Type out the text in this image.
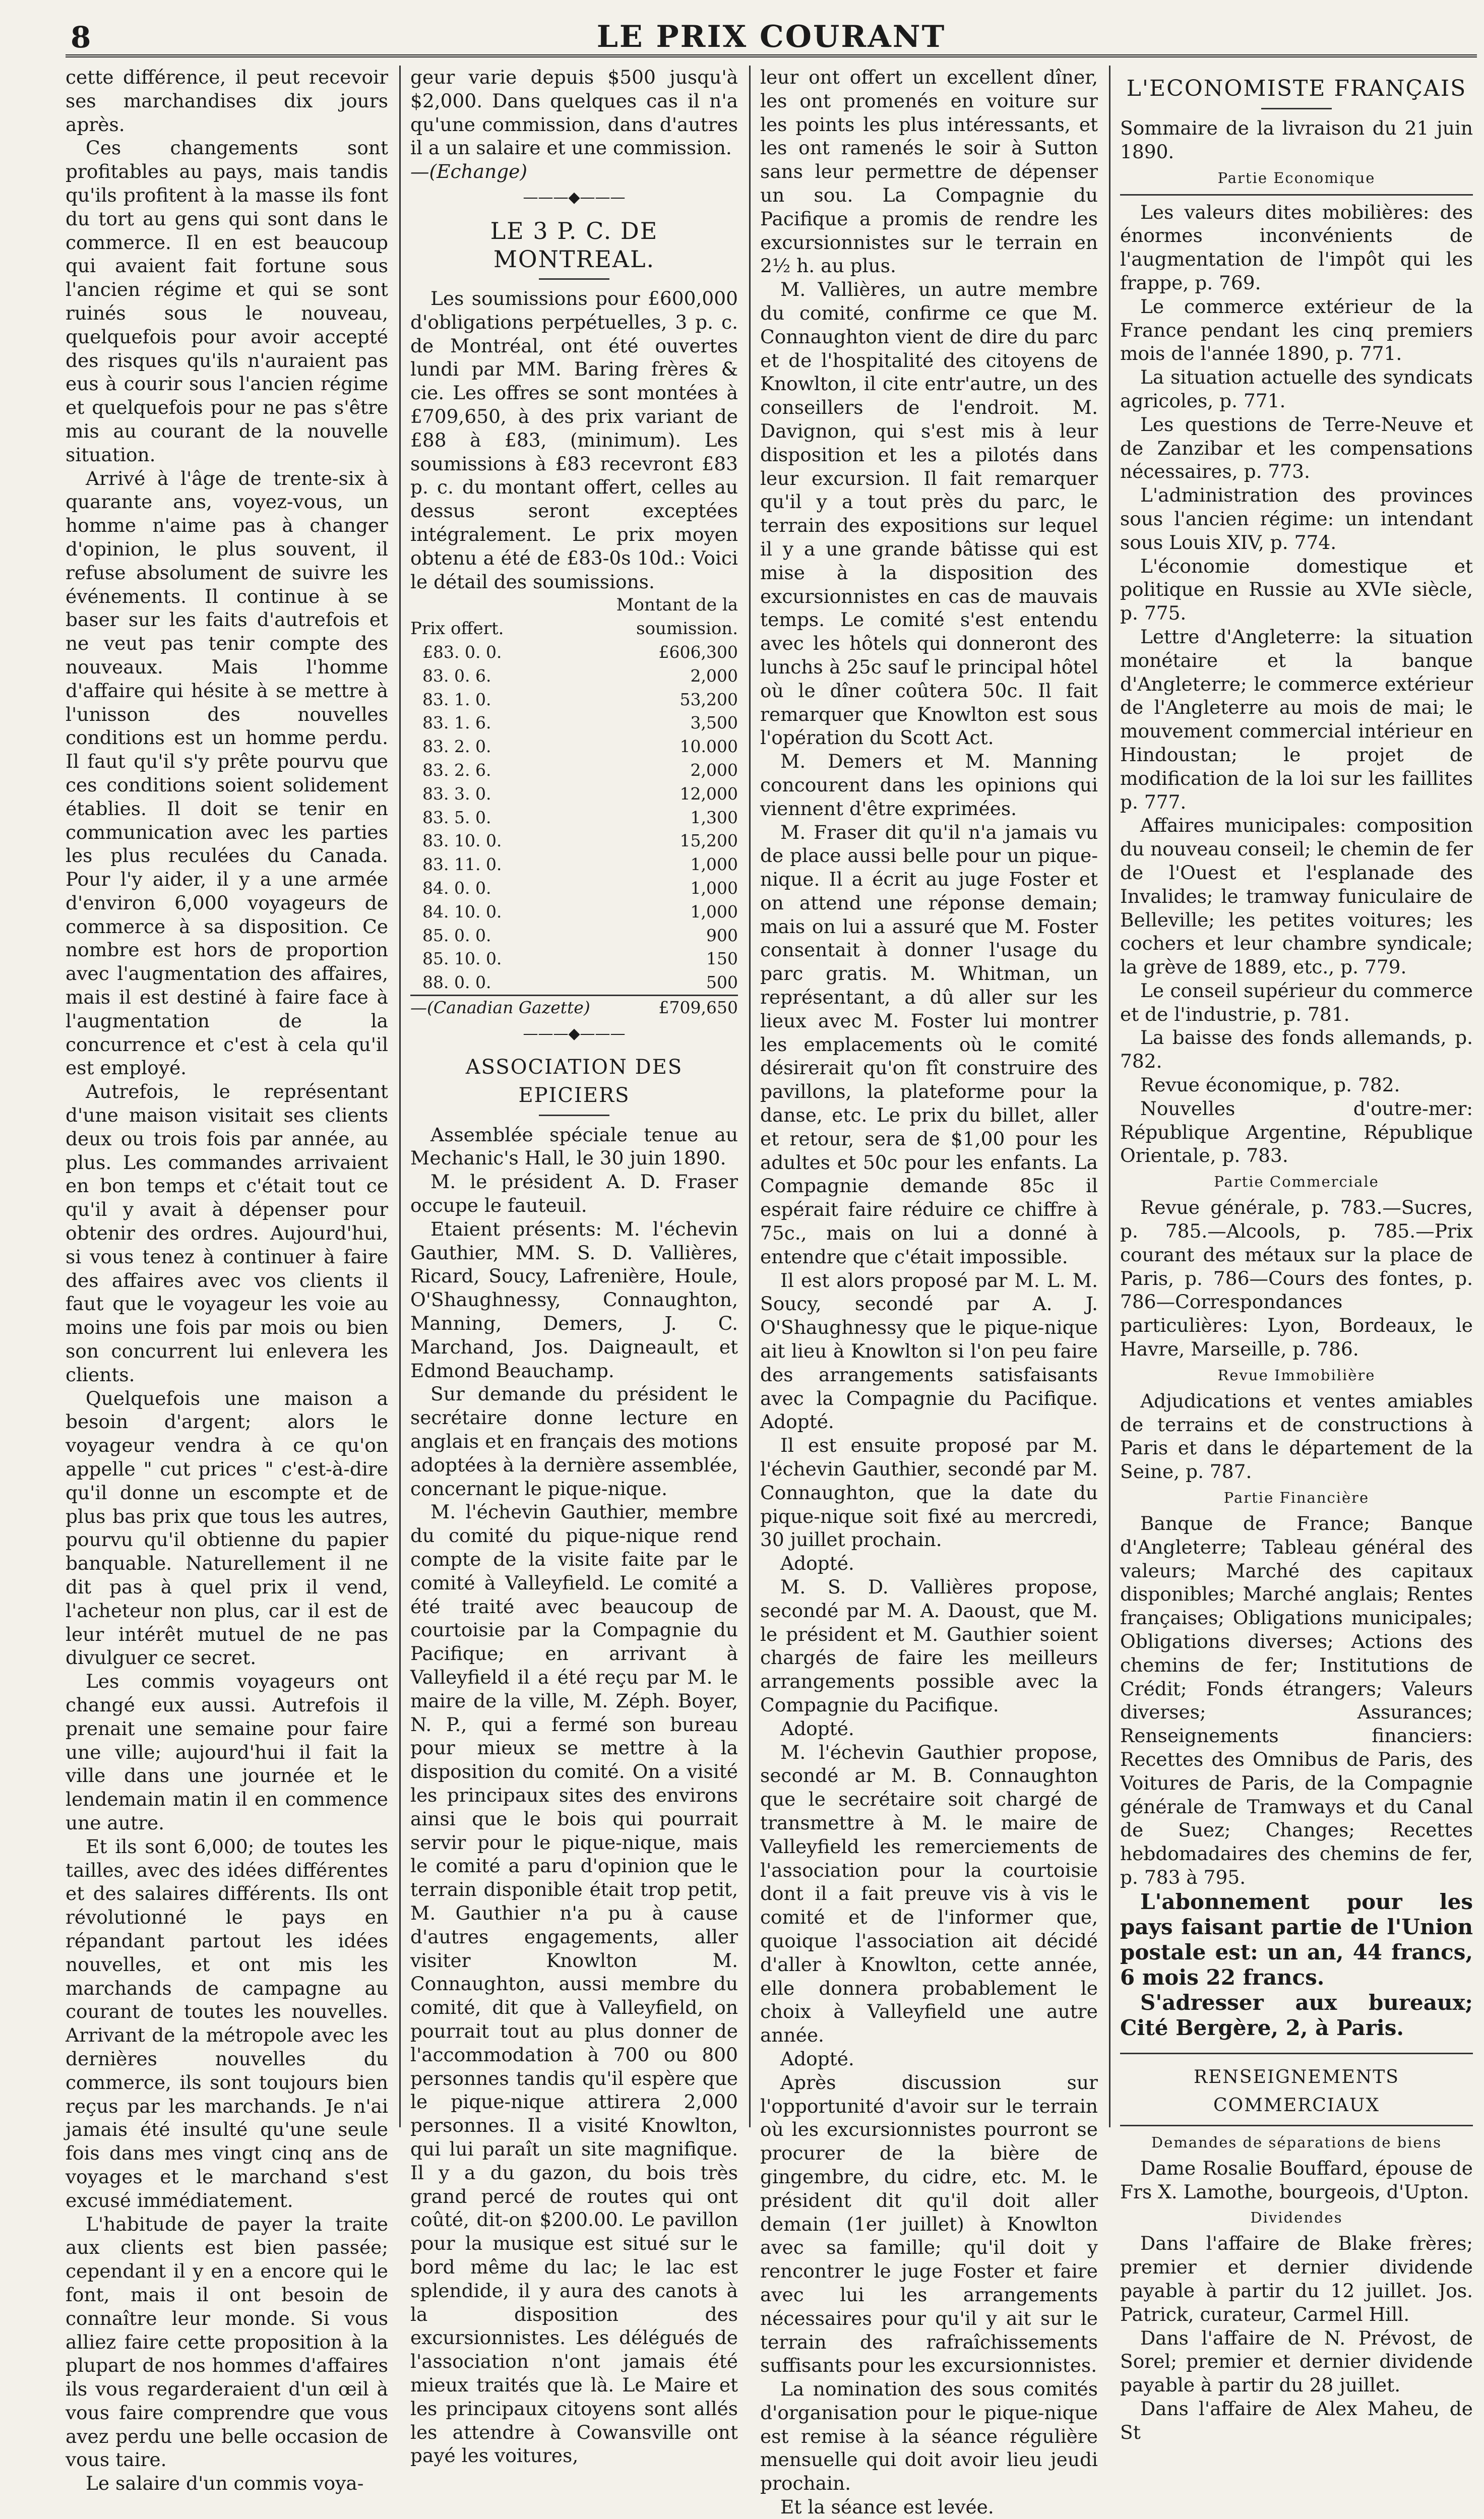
8	LE PRIX COURANT

cette différence, il peut recevoir ses marchandises dix jours après.

Ces changements sont profitables au pays, mais tandis qu'ils profitent à la masse ils font du tort au gens qui sont dans le commerce. Il en est beaucoup qui avaient fait fortune sous l'ancien régime et qui se sont ruinés sous le nouveau, quelquefois pour avoir accepté des risques qu'ils n'auraient pas eus à courir sous l'ancien régime et quelquefois pour ne pas s'être mis au courant de la nouvelle situation.

Arrivé à l'âge de trente-six à quarante ans, voyez-vous, un homme n'aime pas à changer d'opinion, le plus souvent, il refuse absolument de suivre les événements. Il continue à se baser sur les faits d'autrefois et ne veut pas tenir compte des nouveaux. Mais l'homme d'affaire qui hésite à se mettre à l'unisson des nouvelles conditions est un homme perdu. Il faut qu'il s'y prête pourvu que ces conditions soient solidement établies. Il doit se tenir en communication avec les parties les plus reculées du Canada. Pour l'y aider, il y a une armée d'environ 6,000 voyageurs de commerce à sa disposition. Ce nombre est hors de proportion avec l'augmentation des affaires, mais il est destiné à faire face à l'augmentation de la concurrence et c'est à cela qu'il est employé.

Autrefois, le représentant d'une maison visitait ses clients deux ou trois fois par année, au plus. Les commandes arrivaient en bon temps et c'était tout ce qu'il y avait à dépenser pour obtenir des ordres. Aujourd'hui, si vous tenez à continuer à faire des affaires avec vos clients il faut que le voyageur les voie au moins une fois par mois ou bien son concurrent lui enlevera les clients.

Quelquefois une maison a besoin d'argent; alors le voyageur vendra à ce qu'on appelle " cut prices " c'est-à-dire qu'il donne un escompte et de plus bas prix que tous les autres, pourvu qu'il obtienne du papier banquable. Naturellement il ne dit pas à quel prix il vend, l'acheteur non plus, car il est de leur intérêt mutuel de ne pas divulguer ce secret.

Les commis voyageurs ont changé eux aussi. Autrefois il prenait une semaine pour faire une ville; aujourd'hui il fait la ville dans une journée et le lendemain matin il en commence une autre.

Et ils sont 6,000; de toutes les tailles, avec des idées différentes et des salaires différents. Ils ont révolutionné le pays en répandant partout les idées nouvelles, et ont mis les marchands de campagne au courant de toutes les nouvelles. Arrivant de la métropole avec les dernières nouvelles du commerce, ils sont toujours bien reçus par les marchands. Je n'ai jamais été insulté qu'une seule fois dans mes vingt cinq ans de voyages et le marchand s'est excusé immédiatement.

L'habitude de payer la traite aux clients est bien passée; cependant il y en a encore qui le font, mais il ont besoin de connaître leur monde. Si vous alliez faire cette proposition à la plupart de nos hommes d'affaires ils vous regarderaient d'un œil à vous faire comprendre que vous avez perdu une belle occasion de vous taire.

Le salaire d'un commis voya-

geur varie depuis $500 jusqu'à $2,000. Dans quelques cas il n'a qu'une commission, dans d'autres il a un salaire et une commission.

—(Echange)

———◆———
LE 3 P. C. DE MONTREAL.

Les soumissions pour £600,000 d'obligations perpétuelles, 3 p. c. de Montréal, ont été ouvertes lundi par MM. Baring frères & cie. Les offres se sont montées à £709,650, à des prix variant de £88 à £83, (minimum). Les soumissions à £83 recevront £83 p. c. du montant offert, celles au dessus seront exceptées intégralement. Le prix moyen obtenu a été de £83-0s 10d.: Voici le détail des soumissions.

	Montant de la
Prix offert.	soumission.
£83. 0. 0.	£606,300
83. 0. 6.	2,000
83. 1. 0.	53,200
83. 1. 6.	3,500
83. 2. 0.	10.000
83. 2. 6.	2,000
83. 3. 0.	12,000
83. 5. 0.	1,300
83. 10. 0.	15,200
83. 11. 0.	1,000
84. 0. 0.	1,000
84. 10. 0.	1,000
85. 0. 0.	900
85. 10. 0.	150
88. 0. 0.	500
—(Canadian Gazette)	£709,650
———◆———
ASSOCIATION DES EPICIERS

Assemblée spéciale tenue au Mechanic's Hall, le 30 juin 1890.

M. le président A. D. Fraser occupe le fauteuil.

Etaient présents: M. l'échevin Gauthier, MM. S. D. Vallières, Ricard, Soucy, Lafrenière, Houle, O'Shaughnessy, Connaughton, Manning, Demers, J. C. Marchand, Jos. Daigneault, et Edmond Beauchamp.

Sur demande du président le secrétaire donne lecture en anglais et en français des motions adoptées à la dernière assemblée, concernant le pique-nique.

M. l'échevin Gauthier, membre du comité du pique-nique rend compte de la visite faite par le comité à Valleyfield. Le comité a été traité avec beaucoup de courtoisie par la Compagnie du Pacifique; en arrivant à Valleyfield il a été reçu par M. le maire de la ville, M. Zéph. Boyer, N. P., qui a fermé son bureau pour mieux se mettre à la disposition du comité. On a visité les principaux sites des environs ainsi que le bois qui pourrait servir pour le pique-nique, mais le comité a paru d'opinion que le terrain disponible était trop petit, M. Gauthier n'a pu à cause d'autres engagements, aller visiter Knowlton M. Connaughton, aussi membre du comité, dit que à Valleyfield, on pourrait tout au plus donner de l'accommodation à 700 ou 800 personnes tandis qu'il espère que le pique-nique attirera 2,000 personnes. Il a visité Knowlton, qui lui paraît un site magnifique. Il y a du gazon, du bois très grand percé de routes qui ont coûté, dit-on $200.00. Le pavillon pour la musique est situé sur le bord même du lac; le lac est splendide, il y aura des canots à la disposition des excursionnistes. Les délégués de l'association n'ont jamais été mieux traités que là. Le Maire et les principaux citoyens sont allés les attendre à Cowansville ont payé les voitures,

leur ont offert un excellent dîner, les ont promenés en voiture sur les points les plus intéressants, et les ont ramenés le soir à Sutton sans leur permettre de dépenser un sou. La Compagnie du Pacifique a promis de rendre les excursionnistes sur le terrain en 2½ h. au plus.

M. Vallières, un autre membre du comité, confirme ce que M. Connaughton vient de dire du parc et de l'hospitalité des citoyens de Knowlton, il cite entr'autre, un des conseillers de l'endroit. M. Davignon, qui s'est mis à leur disposition et les a pilotés dans leur excursion. Il fait remarquer qu'il y a tout près du parc, le terrain des expositions sur lequel il y a une grande bâtisse qui est mise à la disposition des excursionnistes en cas de mauvais temps. Le comité s'est entendu avec les hôtels qui donneront des lunchs à 25c sauf le principal hôtel où le dîner coûtera 50c. Il fait remarquer que Knowlton est sous l'opération du Scott Act.

M. Demers et M. Manning concourent dans les opinions qui viennent d'être exprimées.

M. Fraser dit qu'il n'a jamais vu de place aussi belle pour un pique-nique. Il a écrit au juge Foster et on attend une réponse demain; mais on lui a assuré que M. Foster consentait à donner l'usage du parc gratis. M. Whitman, un représentant, a dû aller sur les lieux avec M. Foster lui montrer les emplacements où le comité désirerait qu'on fît construire des pavillons, la plateforme pour la danse, etc. Le prix du billet, aller et retour, sera de $1,00 pour les adultes et 50c pour les enfants. La Compagnie demande 85c il espérait faire réduire ce chiffre à 75c., mais on lui a donné à entendre que c'était impossible.

Il est alors proposé par M. L. M. Soucy, secondé par A. J. O'Shaughnessy que le pique-nique ait lieu à Knowlton si l'on peu faire des arrangements satisfaisants avec la Compagnie du Pacifique. Adopté.

Il est ensuite proposé par M. l'échevin Gauthier, secondé par M. Connaughton, que la date du pique-nique soit fixé au mercredi, 30 juillet prochain.

Adopté.

M. S. D. Vallières propose, secondé par M. A. Daoust, que M. le président et M. Gauthier soient chargés de faire les meilleurs arrangements possible avec la Compagnie du Pacifique.

Adopté.

M. l'échevin Gauthier propose, secondé ar M. B. Connaughton que le secrétaire soit chargé de transmettre à M. le maire de Valleyfield les remerciements de l'association pour la courtoisie dont il a fait preuve vis à vis le comité et de l'informer que, quoique l'association ait décidé d'aller à Knowlton, cette année, elle donnera probablement le choix à Valleyfield une autre année.

Adopté.

Après discussion sur l'opportunité d'avoir sur le terrain où les excursionnistes pourront se procurer de la bière de gingembre, du cidre, etc. M. le président dit qu'il doit aller demain (1er juillet) à Knowlton avec sa famille; qu'il doit y rencontrer le juge Foster et faire avec lui les arrangements nécessaires pour qu'il y ait sur le terrain des rafraîchissements suffisants pour les excursionnistes.

La nomination des sous comités d'organisation pour le pique-nique est remise à la séance régulière mensuelle qui doit avoir lieu jeudi prochain.

Et la séance est levée.

L'ECONOMISTE FRANÇAIS

Sommaire de la livraison du 21 juin 1890.

Partie Economique

Les valeurs dites mobilières: des énormes inconvénients de l'augmentation de l'impôt qui les frappe, p. 769.

Le commerce extérieur de la France pendant les cinq premiers mois de l'année 1890, p. 771.

La situation actuelle des syndicats agricoles, p. 771.

Les questions de Terre-Neuve et de Zanzibar et les compensations nécessaires, p. 773.

L'administration des provinces sous l'ancien régime: un intendant sous Louis XIV, p. 774.

L'économie domestique et politique en Russie au XVIe siècle, p. 775.

Lettre d'Angleterre: la situation monétaire et la banque d'Angleterre; le commerce extérieur de l'Angleterre au mois de mai; le mouvement commercial intérieur en Hindoustan; le projet de modification de la loi sur les faillites p. 777.

Affaires municipales: composition du nouveau conseil; le chemin de fer de l'Ouest et l'esplanade des Invalides; le tramway funiculaire de Belleville; les petites voitures; les cochers et leur chambre syndicale; la grève de 1889, etc., p. 779.

Le conseil supérieur du commerce et de l'industrie, p. 781.

La baisse des fonds allemands, p. 782.

Revue économique, p. 782.

Nouvelles d'outre-mer: République Argentine, République Orientale, p. 783.

Partie Commerciale

Revue générale, p. 783.—Sucres, p. 785.—Alcools, p. 785.—Prix courant des métaux sur la place de Paris, p. 786—Cours des fontes, p. 786—Correspondances particulières: Lyon, Bordeaux, le Havre, Marseille, p. 786.

Revue Immobilière

Adjudications et ventes amiables de terrains et de constructions à Paris et dans le département de la Seine, p. 787.

Partie Financière

Banque de France; Banque d'Angleterre; Tableau général des valeurs; Marché des capitaux disponibles; Marché anglais; Rentes françaises; Obligations municipales; Obligations diverses; Actions des chemins de fer; Institutions de Crédit; Fonds étrangers; Valeurs diverses; Assurances; Renseignements financiers: Recettes des Omnibus de Paris, des Voitures de Paris, de la Compagnie générale de Tramways et du Canal de Suez; Changes; Recettes hebdomadaires des chemins de fer, p. 783 à 795.

L'abonnement pour les pays faisant partie de l'Union postale est: un an, 44 francs, 6 mois 22 francs.

S'adresser aux bureaux; Cité Bergère, 2, à Paris.

RENSEIGNEMENTS COMMERCIAUX
Demandes de séparations de biens

Dame Rosalie Bouffard, épouse de Frs X. Lamothe, bourgeois, d'Upton.

Dividendes

Dans l'affaire de Blake frères; premier et dernier dividende payable à partir du 12 juillet. Jos. Patrick, curateur, Carmel Hill.

Dans l'affaire de N. Prévost, de Sorel; premier et dernier dividende payable à partir du 28 juillet.

Dans l'affaire de Alex Maheu, de St
